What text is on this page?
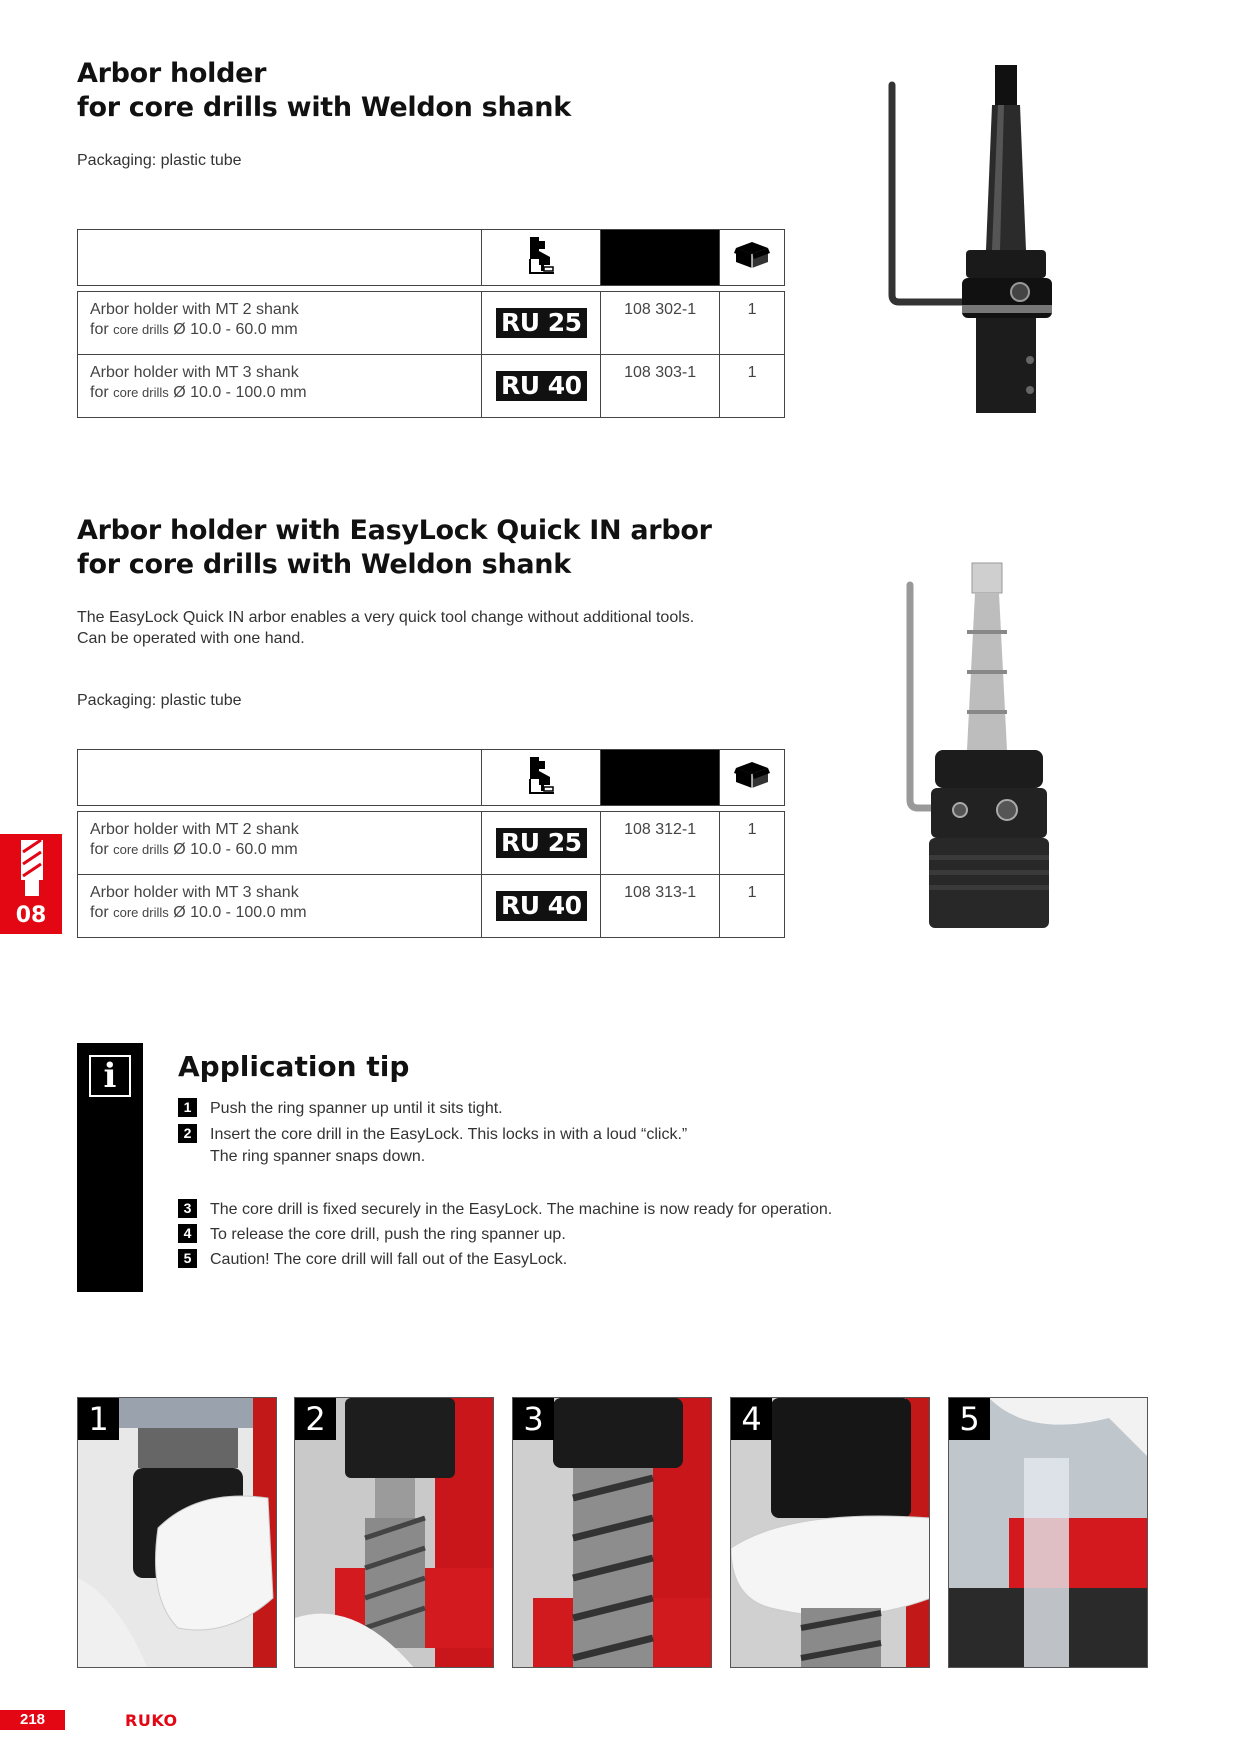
Arbor holder
for core drills with Weldon shank
Packaging: plastic tube

Arbor holder with MT 2 shank
for core drills Ø 10.0 - 60.0 mm	RU 25	108 302-1	1
Arbor holder with MT 3 shank
for core drills Ø 10.0 - 100.0 mm	RU 40	108 303-1	1
Arbor holder with EasyLock Quick IN arbor
for core drills with Weldon shank
The EasyLock Quick IN arbor enables a very quick tool change without additional tools.
Can be operated with one hand.
Packaging: plastic tube

Arbor holder with MT 2 shank
for core drills Ø 10.0 - 60.0 mm	RU 25	108 312-1	1
Arbor holder with MT 3 shank
for core drills Ø 10.0 - 100.0 mm	RU 40	108 313-1	1
08
i	Application tip
1 Push the ring spanner up until it sits tight.
2 Insert the core drill in the EasyLock. This locks in with a loud “click.”
The ring spanner snaps down.
3 The core drill is fixed securely in the EasyLock. The machine is now ready for operation.
4 To release the core drill, push the ring spanner up.
5 Caution! The core drill will fall out of the EasyLock.
1	2	3	4	5
218	RUKO
